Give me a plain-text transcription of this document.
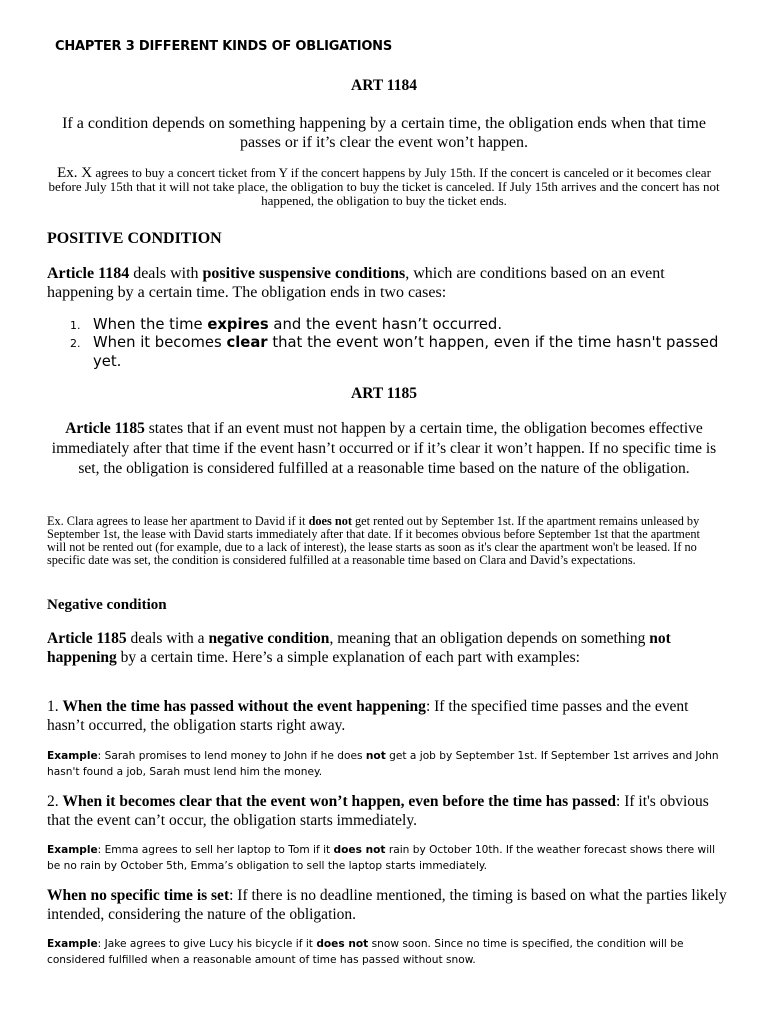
CHAPTER 3 DIFFERENT KINDS OF OBLIGATIONS

ART 1184

If a condition depends on something happening by a certain time, the obligation ends when that time passes or if it’s clear the event won’t happen.

Ex. X agrees to buy a concert ticket from Y if the concert happens by July 15th. If the concert is canceled or it becomes clear before July 15th that it will not take place, the obligation to buy the ticket is canceled. If July 15th arrives and the concert has not happened, the obligation to buy the ticket ends.

POSITIVE CONDITION

Article 1184 deals with positive suspensive conditions, which are conditions based on an event happening by a certain time. The obligation ends in two cases:

1. When the time expires and the event hasn’t occurred.
2. When it becomes clear that the event won’t happen, even if the time hasn't passed yet.

ART 1185

Article 1185 states that if an event must not happen by a certain time, the obligation becomes effective immediately after that time if the event hasn’t occurred or if it’s clear it won’t happen. If no specific time is set, the obligation is considered fulfilled at a reasonable time based on the nature of the obligation.

Ex. Clara agrees to lease her apartment to David if it does not get rented out by September 1st. If the apartment remains unleased by September 1st, the lease with David starts immediately after that date. If it becomes obvious before September 1st that the apartment will not be rented out (for example, due to a lack of interest), the lease starts as soon as it's clear the apartment won't be leased. If no specific date was set, the condition is considered fulfilled at a reasonable time based on Clara and David’s expectations.

Negative condition

Article 1185 deals with a negative condition, meaning that an obligation depends on something not happening by a certain time. Here’s a simple explanation of each part with examples:

1. When the time has passed without the event happening: If the specified time passes and the event hasn’t occurred, the obligation starts right away.

Example: Sarah promises to lend money to John if he does not get a job by September 1st. If September 1st arrives and John hasn't found a job, Sarah must lend him the money.

2. When it becomes clear that the event won’t happen, even before the time has passed: If it's obvious that the event can’t occur, the obligation starts immediately.

Example: Emma agrees to sell her laptop to Tom if it does not rain by October 10th. If the weather forecast shows there will be no rain by October 5th, Emma’s obligation to sell the laptop starts immediately.

When no specific time is set: If there is no deadline mentioned, the timing is based on what the parties likely intended, considering the nature of the obligation.

Example: Jake agrees to give Lucy his bicycle if it does not snow soon. Since no time is specified, the condition will be considered fulfilled when a reasonable amount of time has passed without snow.
